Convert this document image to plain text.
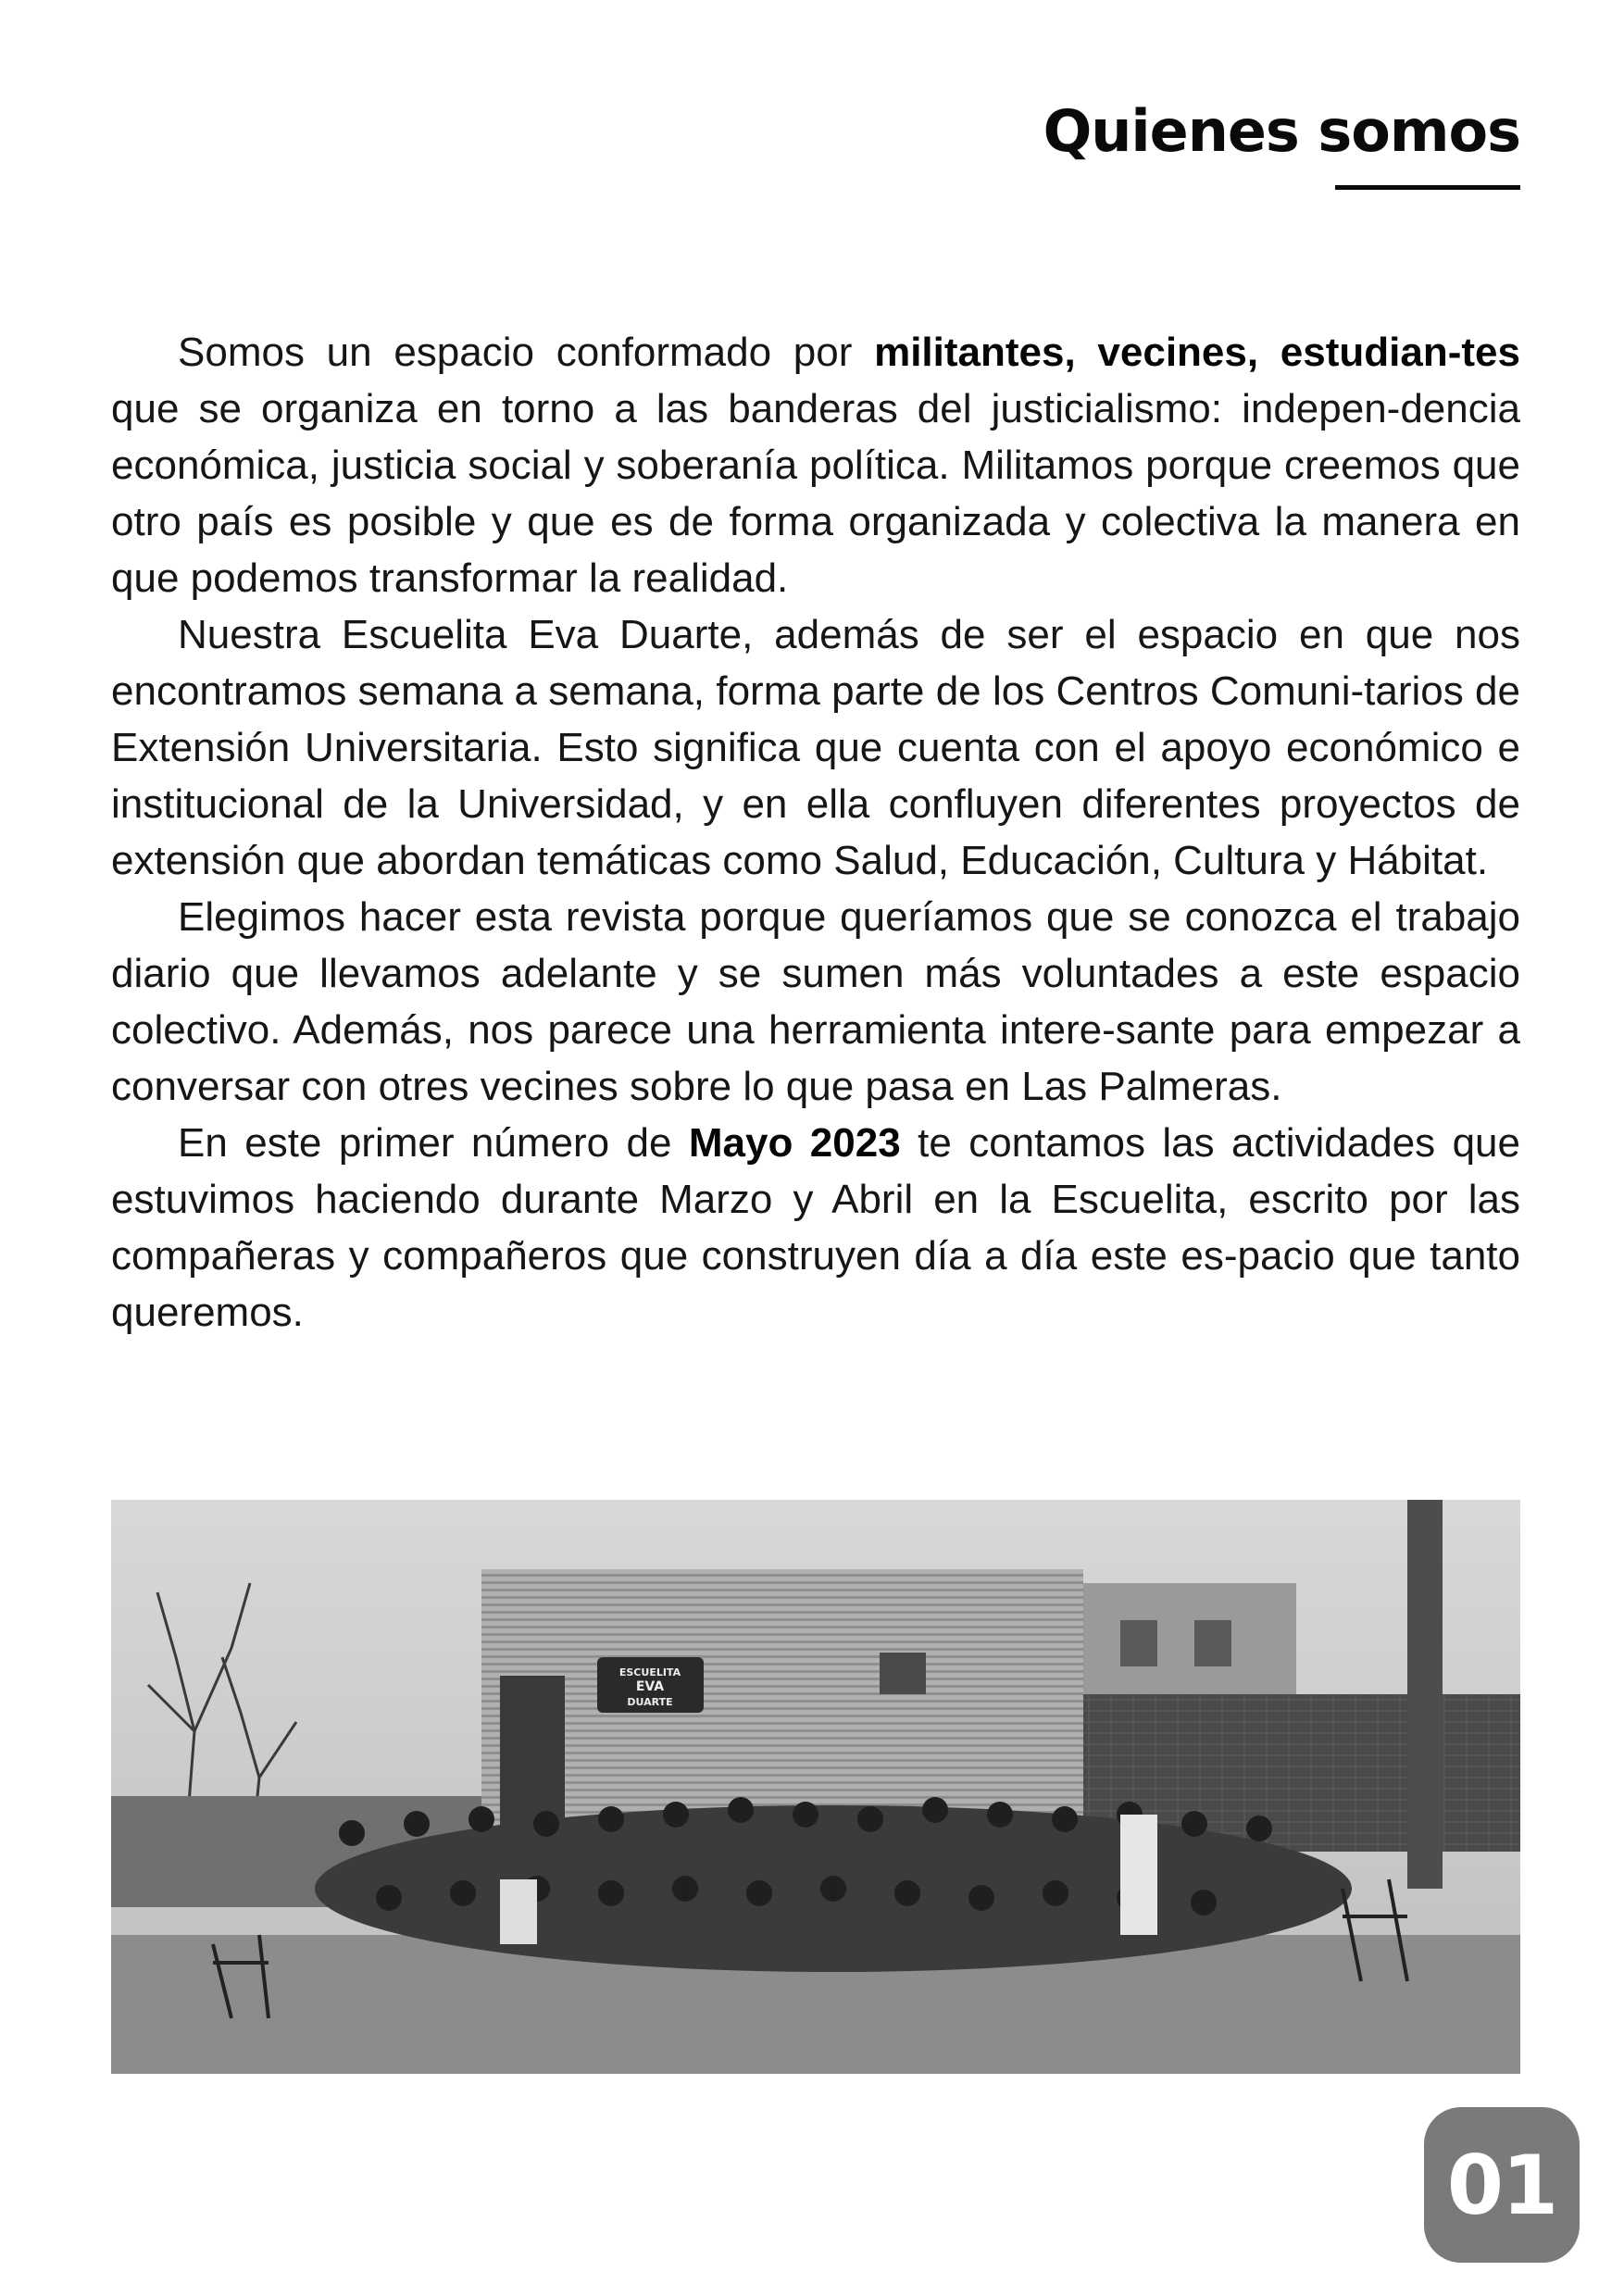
Quienes somos

Somos un espacio conformado por militantes, vecines, estudian-tes que se organiza en torno a las banderas del justicialismo: indepen-dencia económica, justicia social y soberanía política. Militamos porque creemos que otro país es posible y que es de forma organizada y colectiva la manera en que podemos transformar la realidad.

Nuestra Escuelita Eva Duarte, además de ser el espacio en que nos encontramos semana a semana, forma parte de los Centros Comuni-tarios de Extensión Universitaria. Esto significa que cuenta con el apoyo económico e institucional de la Universidad, y en ella confluyen diferentes proyectos de extensión que abordan temáticas como Salud, Educación, Cultura y Hábitat.

Elegimos hacer esta revista porque queríamos que se conozca el trabajo diario que llevamos adelante y se sumen más voluntades a este espacio colectivo. Además, nos parece una herramienta intere-sante para empezar a conversar con otres vecines sobre lo que pasa en Las Palmeras.

En este primer número de Mayo 2023 te contamos las actividades que estuvimos haciendo durante Marzo y Abril en la Escuelita, escrito por las compañeras y compañeros que construyen día a día este es-pacio que tanto queremos.

ESCUELITA
EVA
DUARTE
01
